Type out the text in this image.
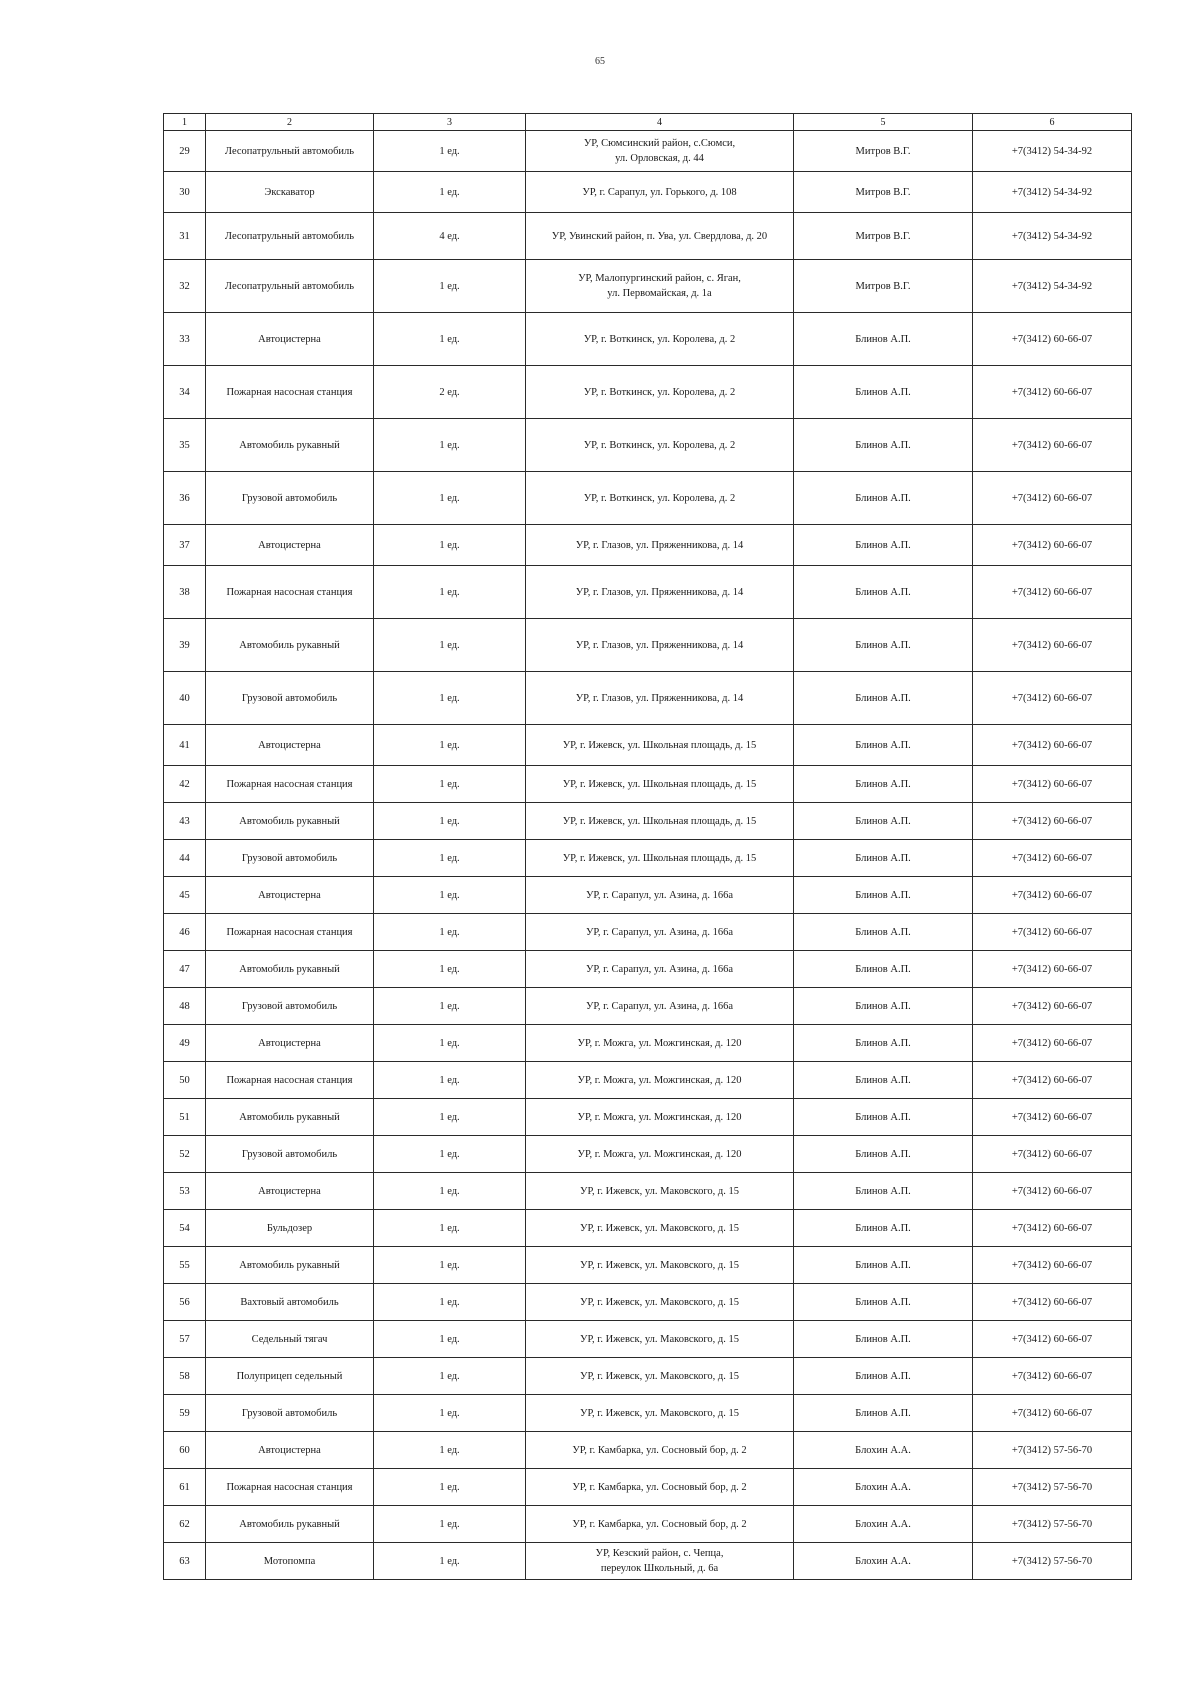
65
1	2	3	4	5	6
29	Лесопатрульный автомобиль	1 ед.	УР, Сюмсинский район, с.Сюмси,
ул. Орловская, д. 44	Митров В.Г.	+7(3412) 54-34-92
30	Экскаватор	1 ед.	УР, г. Сарапул, ул. Горького, д. 108	Митров В.Г.	+7(3412) 54-34-92
31	Лесопатрульный автомобиль	4 ед.	УР, Увинский район, п. Ува, ул. Свердлова, д. 20	Митров В.Г.	+7(3412) 54-34-92
32	Лесопатрульный автомобиль	1 ед.	УР, Малопургинский район, с. Яган,
ул. Первомайская, д. 1а	Митров В.Г.	+7(3412) 54-34-92
33	Автоцистерна	1 ед.	УР, г. Воткинск, ул. Королева, д. 2	Блинов А.П.	+7(3412) 60-66-07
34	Пожарная насосная станция	2 ед.	УР, г. Воткинск, ул. Королева, д. 2	Блинов А.П.	+7(3412) 60-66-07
35	Автомобиль рукавный	1 ед.	УР, г. Воткинск, ул. Королева, д. 2	Блинов А.П.	+7(3412) 60-66-07
36	Грузовой автомобиль	1 ед.	УР, г. Воткинск, ул. Королева, д. 2	Блинов А.П.	+7(3412) 60-66-07
37	Автоцистерна	1 ед.	УР, г. Глазов, ул. Пряженникова, д. 14	Блинов А.П.	+7(3412) 60-66-07
38	Пожарная насосная станция	1 ед.	УР, г. Глазов, ул. Пряженникова, д. 14	Блинов А.П.	+7(3412) 60-66-07
39	Автомобиль рукавный	1 ед.	УР, г. Глазов, ул. Пряженникова, д. 14	Блинов А.П.	+7(3412) 60-66-07
40	Грузовой автомобиль	1 ед.	УР, г. Глазов, ул. Пряженникова, д. 14	Блинов А.П.	+7(3412) 60-66-07
41	Автоцистерна	1 ед.	УР, г. Ижевск, ул. Школьная площадь, д. 15	Блинов А.П.	+7(3412) 60-66-07
42	Пожарная насосная станция	1 ед.	УР, г. Ижевск, ул. Школьная площадь, д. 15	Блинов А.П.	+7(3412) 60-66-07
43	Автомобиль рукавный	1 ед.	УР, г. Ижевск, ул. Школьная площадь, д. 15	Блинов А.П.	+7(3412) 60-66-07
44	Грузовой автомобиль	1 ед.	УР, г. Ижевск, ул. Школьная площадь, д. 15	Блинов А.П.	+7(3412) 60-66-07
45	Автоцистерна	1 ед.	УР, г. Сарапул, ул. Азина, д. 166а	Блинов А.П.	+7(3412) 60-66-07
46	Пожарная насосная станция	1 ед.	УР, г. Сарапул, ул. Азина, д. 166а	Блинов А.П.	+7(3412) 60-66-07
47	Автомобиль рукавный	1 ед.	УР, г. Сарапул, ул. Азина, д. 166а	Блинов А.П.	+7(3412) 60-66-07
48	Грузовой автомобиль	1 ед.	УР, г. Сарапул, ул. Азина, д. 166а	Блинов А.П.	+7(3412) 60-66-07
49	Автоцистерна	1 ед.	УР, г. Можга, ул. Можгинская, д. 120	Блинов А.П.	+7(3412) 60-66-07
50	Пожарная насосная станция	1 ед.	УР, г. Можга, ул. Можгинская, д. 120	Блинов А.П.	+7(3412) 60-66-07
51	Автомобиль рукавный	1 ед.	УР, г. Можга, ул. Можгинская, д. 120	Блинов А.П.	+7(3412) 60-66-07
52	Грузовой автомобиль	1 ед.	УР, г. Можга, ул. Можгинская, д. 120	Блинов А.П.	+7(3412) 60-66-07
53	Автоцистерна	1 ед.	УР, г. Ижевск, ул. Маковского, д. 15	Блинов А.П.	+7(3412) 60-66-07
54	Бульдозер	1 ед.	УР, г. Ижевск, ул. Маковского, д. 15	Блинов А.П.	+7(3412) 60-66-07
55	Автомобиль рукавный	1 ед.	УР, г. Ижевск, ул. Маковского, д. 15	Блинов А.П.	+7(3412) 60-66-07
56	Вахтовый автомобиль	1 ед.	УР, г. Ижевск, ул. Маковского, д. 15	Блинов А.П.	+7(3412) 60-66-07
57	Седельный тягач	1 ед.	УР, г. Ижевск, ул. Маковского, д. 15	Блинов А.П.	+7(3412) 60-66-07
58	Полуприцеп седельный	1 ед.	УР, г. Ижевск, ул. Маковского, д. 15	Блинов А.П.	+7(3412) 60-66-07
59	Грузовой автомобиль	1 ед.	УР, г. Ижевск, ул. Маковского, д. 15	Блинов А.П.	+7(3412) 60-66-07
60	Автоцистерна	1 ед.	УР, г. Камбарка, ул. Сосновый бор, д. 2	Блохин А.А.	+7(3412) 57-56-70
61	Пожарная насосная станция	1 ед.	УР, г. Камбарка, ул. Сосновый бор, д. 2	Блохин А.А.	+7(3412) 57-56-70
62	Автомобиль рукавный	1 ед.	УР, г. Камбарка, ул. Сосновый бор, д. 2	Блохин А.А.	+7(3412) 57-56-70
63	Мотопомпа	1 ед.	УР, Кезский район, с. Чепца,
переулок Школьный, д. 6а	Блохин А.А.	+7(3412) 57-56-70
